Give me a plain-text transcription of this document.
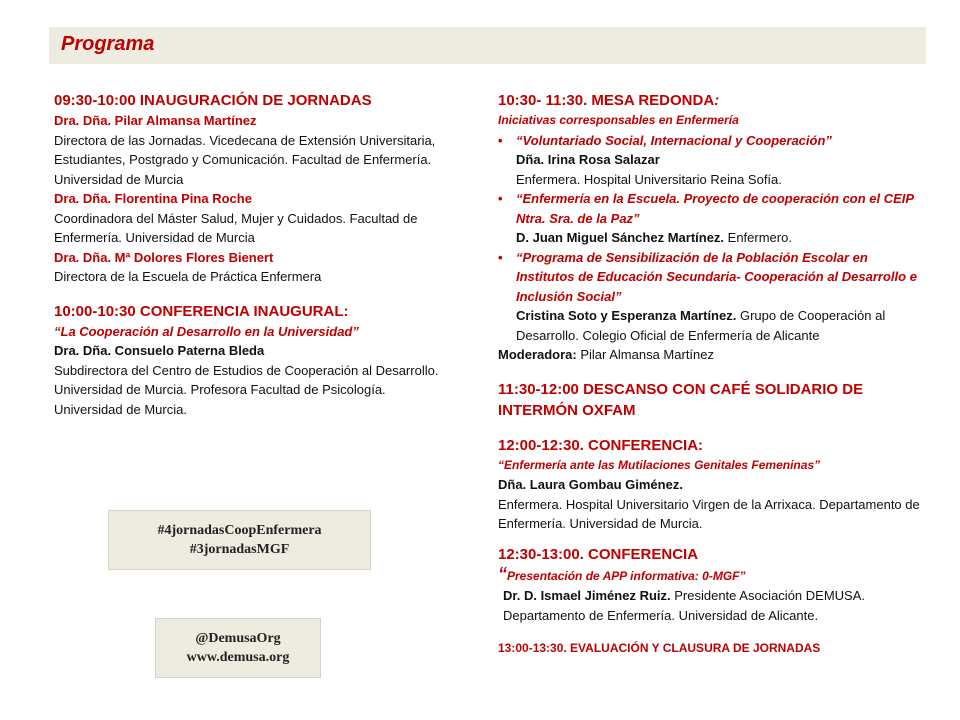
Programa
09:30-10:00 INAUGURACIÓN DE JORNADAS
Dra. Dña. Pilar Almansa Martínez
Directora de las Jornadas. Vicedecana de Extensión Universitaria, Estudiantes, Postgrado y Comunicación. Facultad de Enfermería. Universidad de Murcia
Dra. Dña. Florentina Pina Roche
Coordinadora del Máster Salud, Mujer y Cuidados. Facultad de Enfermería. Universidad de Murcia
Dra. Dña. Mª Dolores Flores Bienert
Directora de la Escuela de Práctica Enfermera
10:00-10:30 CONFERENCIA INAUGURAL:
“La Cooperación al Desarrollo en la Universidad”
Dra. Dña. Consuelo Paterna Bleda
Subdirectora del Centro de Estudios de Cooperación al Desarrollo. Universidad de Murcia. Profesora Facultad de Psicología. Universidad de Murcia.
#4jornadasCoopEnfermera
#3jornadasMGF
@DemusaOrg
www.demusa.org
10:30- 11:30. MESA REDONDA:
Iniciativas corresponsables en Enfermería
• “Voluntariado Social, Internacional y Cooperación”
Dña. Irina Rosa Salazar
Enfermera. Hospital Universitario Reina Sofía.
• “Enfermería en la Escuela. Proyecto de cooperación con el CEIP Ntra. Sra. de la Paz”
D. Juan Miguel Sánchez Martínez. Enfermero.
• “Programa de Sensibilización de la Población Escolar en Institutos de Educación Secundaria- Cooperación al Desarrollo e Inclusión Social”
Cristina Soto y Esperanza Martínez. Grupo de Cooperación al Desarrollo. Colegio Oficial de Enfermería de Alicante
Moderadora: Pilar Almansa Martínez
11:30-12:00 DESCANSO CON CAFÉ SOLIDARIO DE INTERMÓN OXFAM
12:00-12:30. CONFERENCIA:
“Enfermería ante las Mutilaciones Genitales Femeninas”
Dña. Laura Gombau Giménez.
Enfermera. Hospital Universitario Virgen de la Arrixaca. Departamento de Enfermería. Universidad de Murcia.
12:30-13:00. CONFERENCIA
“Presentación de APP informativa: 0-MGF”
Dr. D. Ismael Jiménez Ruiz. Presidente Asociación DEMUSA.
Departamento de Enfermería. Universidad de Alicante.
13:00-13:30. EVALUACIÓN Y CLAUSURA DE JORNADAS
